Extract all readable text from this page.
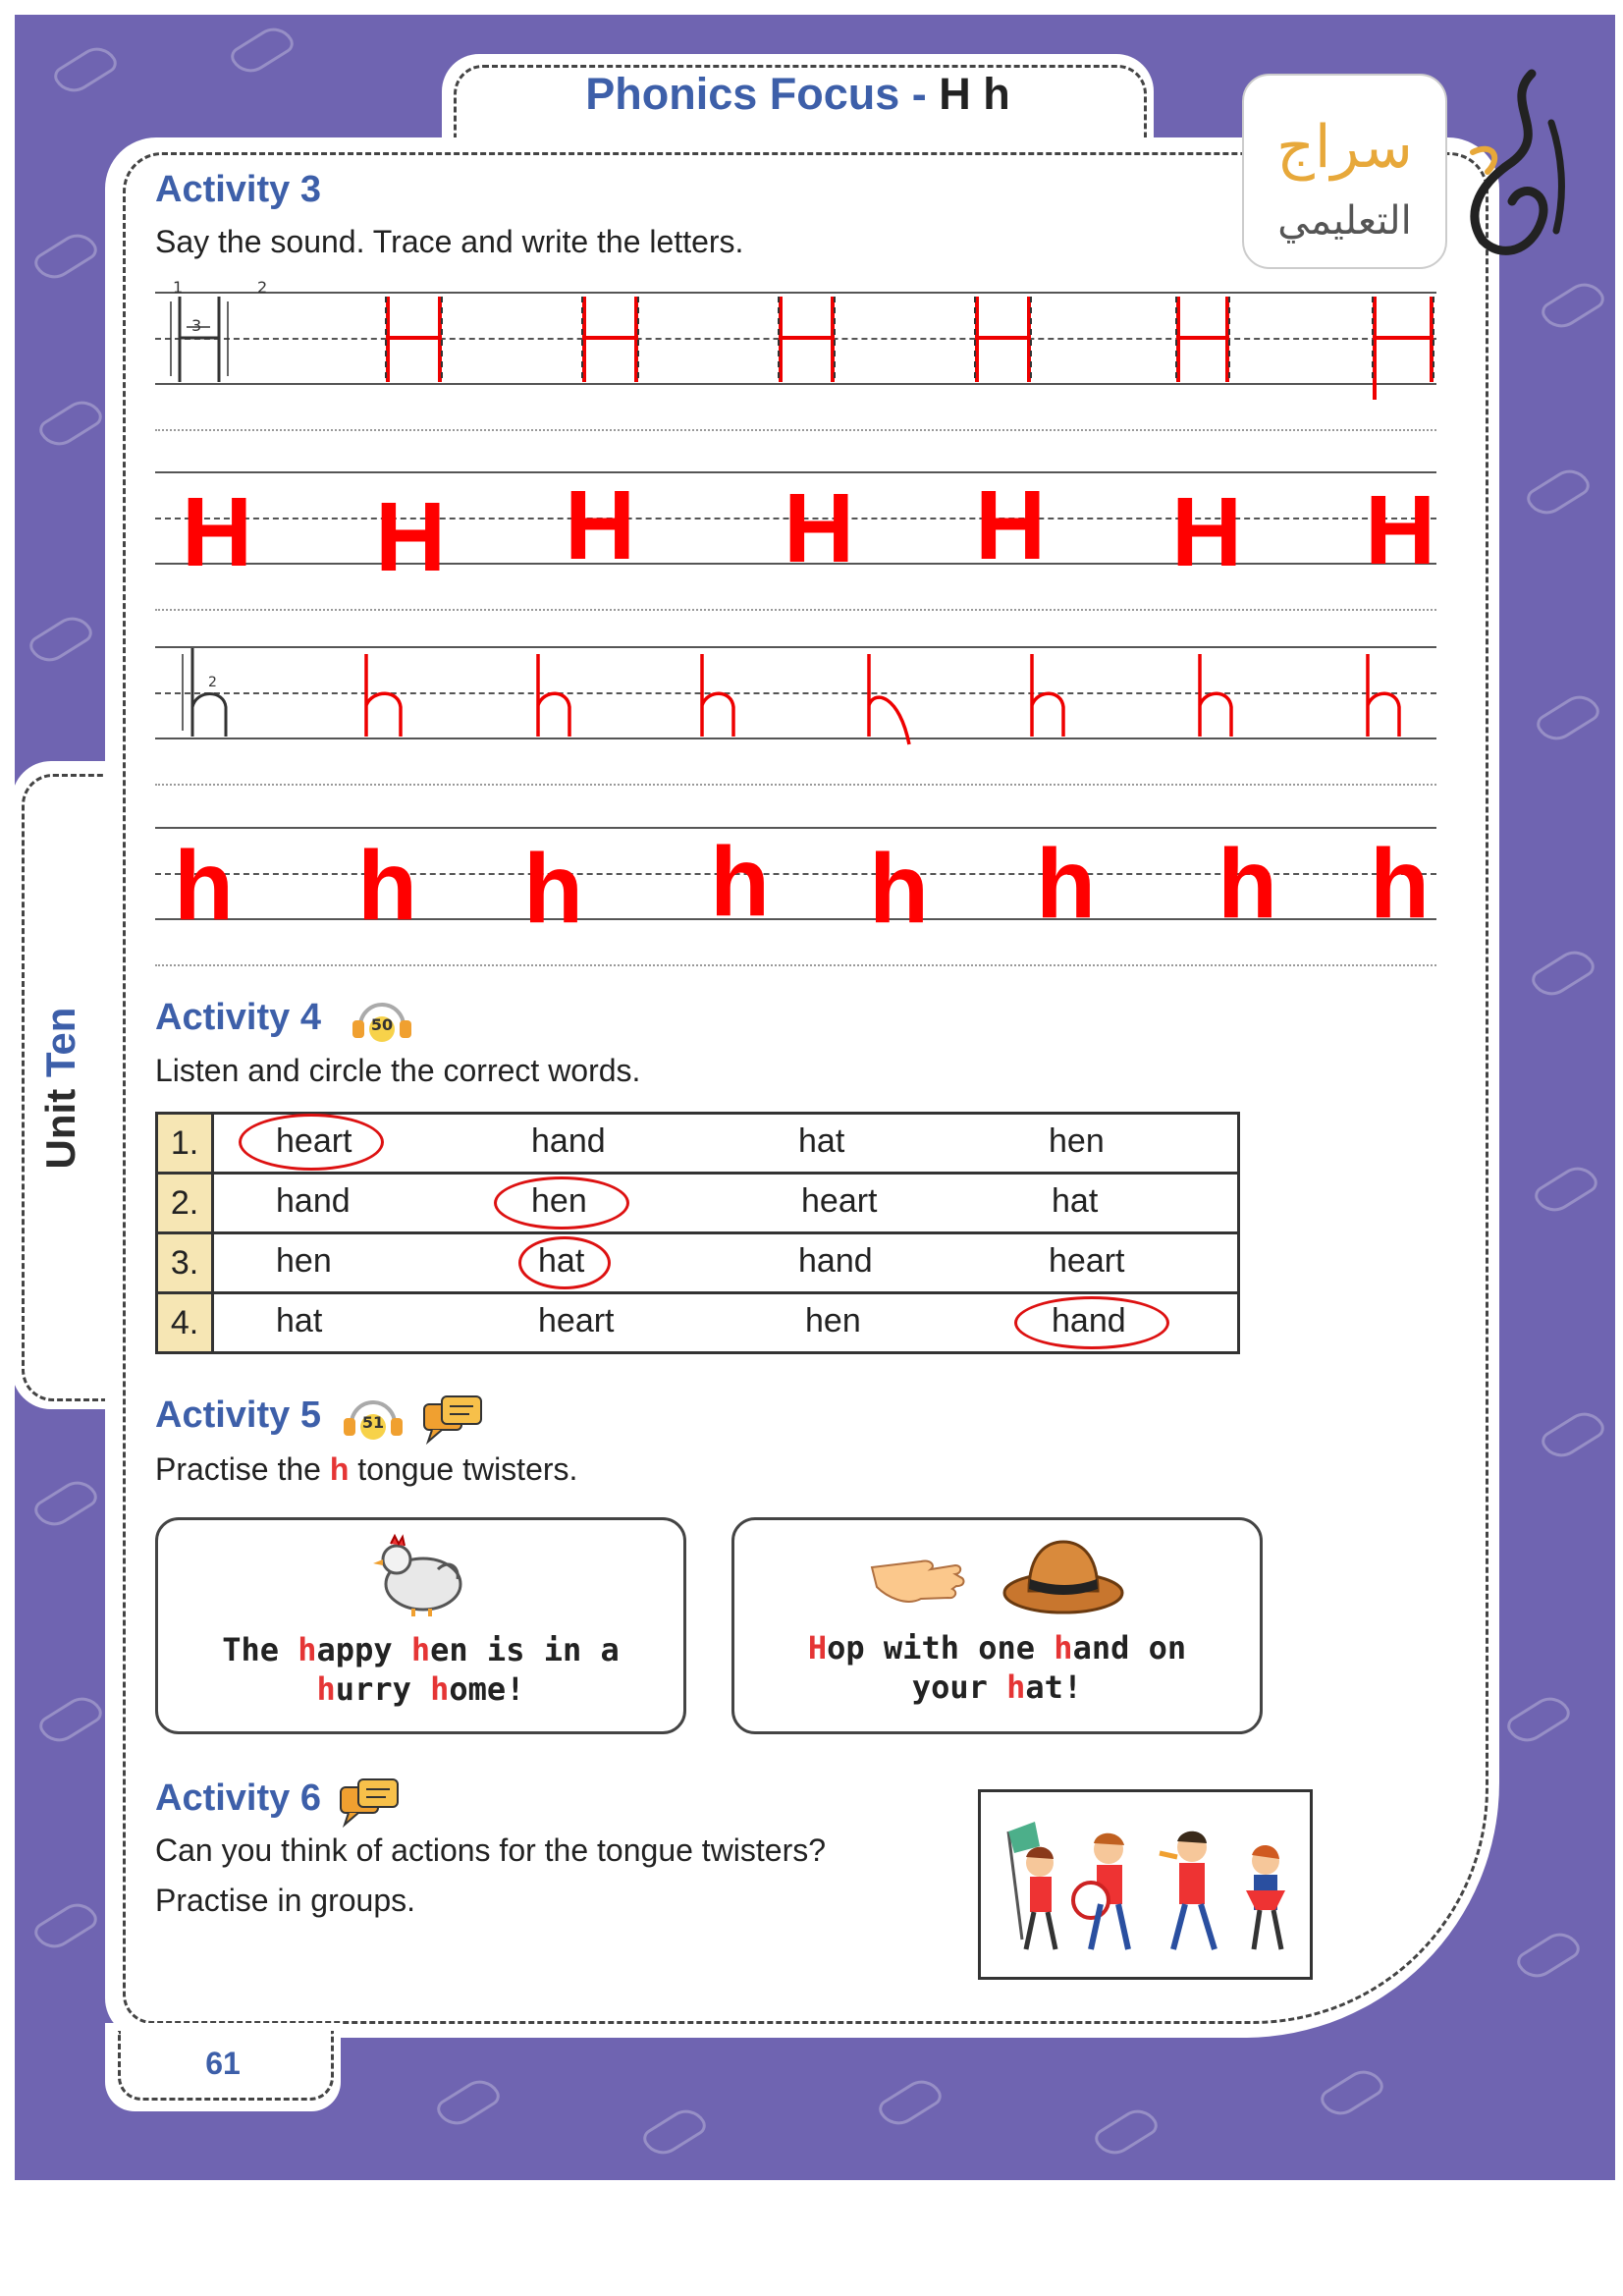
Phonics Focus - H h
Unit Ten
61
سراج
التعليمي
Activity 3
Say the sound. Trace and write the letters.
1	2
3
H H H H H H H
2
h h h h h h h h
Activity 4	50
Listen and circle the correct words.
1.	heart hand hat hen

2.	hand hen heart hat

3.	hen hat hand heart

4.	hat heart hen hand
Activity 5	51
Practise the h tongue twisters.
The happy hen is in a
hurry home!
Hop with one hand on
your hat!
Activity 6
Can you think of actions for the tongue twisters?
Practise in groups.
